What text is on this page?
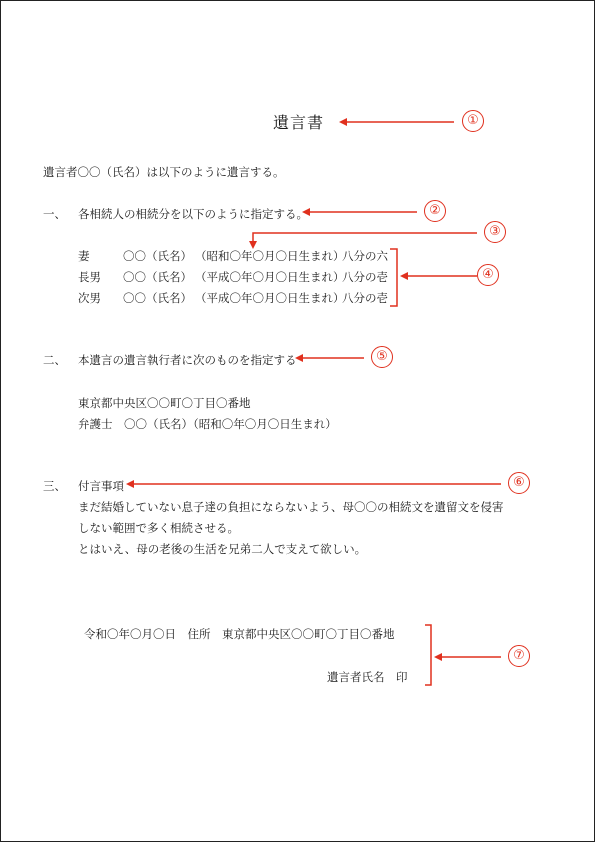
遺言書
遺言者〇〇（氏名）は以下のように遺言する。
一、 各相続人の相続分を以下のように指定する。
妻	〇〇（氏名） （昭和〇年〇月〇日生まれ）
八分の六
長男 〇〇（氏名） （平成〇年〇月〇日生まれ）
八分の壱
次男 〇〇（氏名） （平成〇年〇月〇日生まれ）
八分の壱
二、 本遺言の遺言執行者に次のものを指定する
東京都中央区〇〇町〇丁目〇番地
弁護士　〇〇（氏名）（昭和〇年〇月〇日生まれ）
三、 付言事項
まだ結婚していない息子達の負担にならないよう、母〇〇の相続文を遺留文を侵害
しない範囲で多く相続させる。
とはいえ、母の老後の生活を兄弟二人で支えて欲しい。
令和〇年〇月〇日　住所　東京都中央区〇〇町〇丁目〇番地
遺言者氏名　印
①
②
③
④
⑤
⑥
⑦
